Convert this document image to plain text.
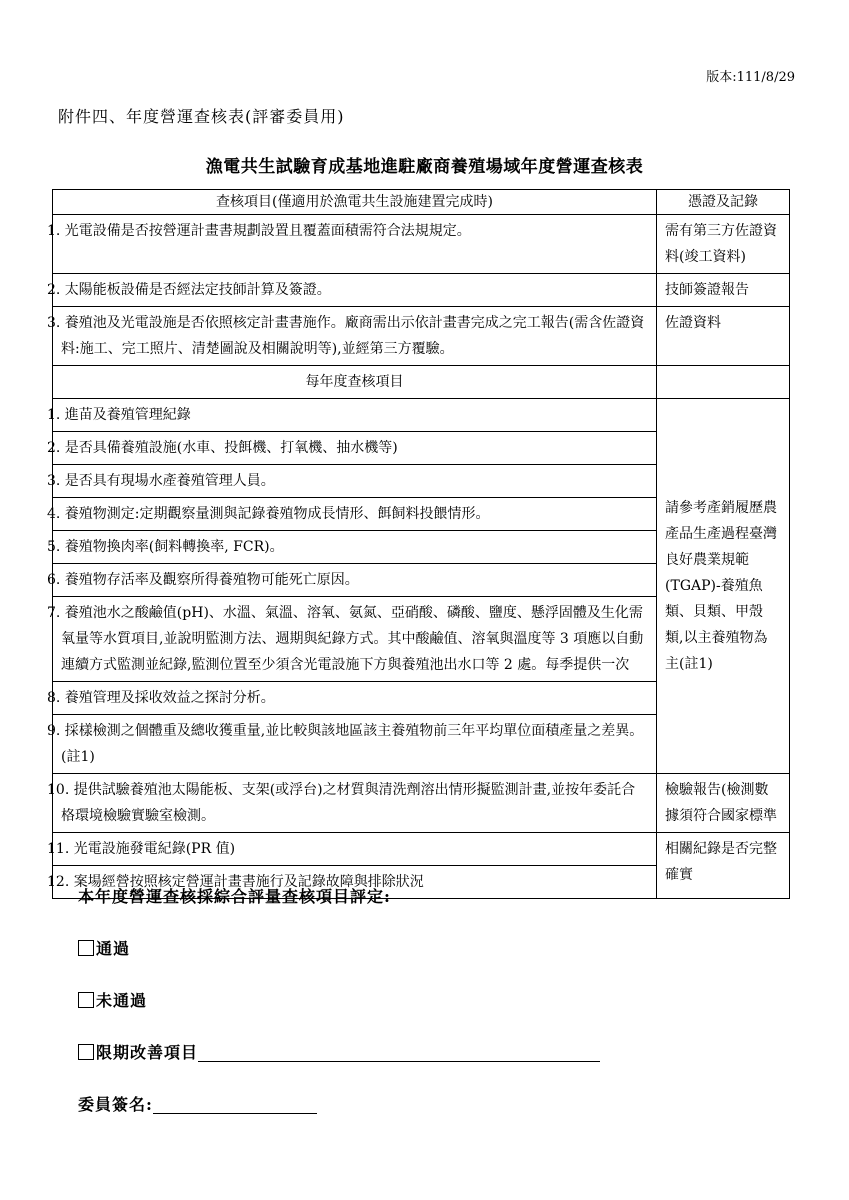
版本:111/8/29
附件四、年度營運查核表(評審委員用)
漁電共生試驗育成基地進駐廠商養殖場域年度營運查核表
查核項目(僅適用於漁電共生設施建置完成時)	憑證及記錄
1. 光電設備是否按營運計畫書規劃設置且覆蓋面積需符合法規規定。	需有第三方佐證資料(竣工資料)
2. 太陽能板設備是否經法定技師計算及簽證。	技師簽證報告
3. 養殖池及光電設施是否依照核定計畫書施作。廠商需出示依計畫書完成之完工報告(需含佐證資料:施工、完工照片、清楚圖說及相關說明等),並經第三方覆驗。	佐證資料
每年度查核項目	
1. 進苗及養殖管理紀錄	請參考產銷履歷農產品生產過程臺灣良好農業規範(TGAP)-養殖魚類、貝類、甲殼類,以主養殖物為主(註1)
2. 是否具備養殖設施(水車、投餌機、打氧機、抽水機等)	
3. 是否具有現場水產養殖管理人員。	
4. 養殖物測定:定期觀察量測與記錄養殖物成長情形、餌飼料投餵情形。	
5. 養殖物換肉率(飼料轉換率, FCR)。	
6. 養殖物存活率及觀察所得養殖物可能死亡原因。	
7. 養殖池水之酸鹼值(pH)、水溫、氣溫、溶氧、氨氮、亞硝酸、磷酸、鹽度、懸浮固體及生化需氧量等水質項目,並說明監測方法、週期與紀錄方式。其中酸鹼值、溶氧與溫度等 3 項應以自動連續方式監測並紀錄,監測位置至少須含光電設施下方與養殖池出水口等 2 處。每季提供一次	
8. 養殖管理及採收效益之探討分析。	
9. 採樣檢測之個體重及總收獲重量,並比較與該地區該主養殖物前三年平均單位面積產量之差異。(註1)	
10. 提供試驗養殖池太陽能板、支架(或浮台)之材質與清洗劑溶出情形擬監測計畫,並按年委託合格環境檢驗實驗室檢測。	檢驗報告(檢測數據須符合國家標準
11. 光電設施發電紀錄(PR 值)	相關紀錄是否完整確實
12. 案場經營按照核定營運計畫書施行及記錄故障與排除狀況	
本年度營運查核採綜合評量查核項目評定:
通過
未通過
限期改善項目
委員簽名:
